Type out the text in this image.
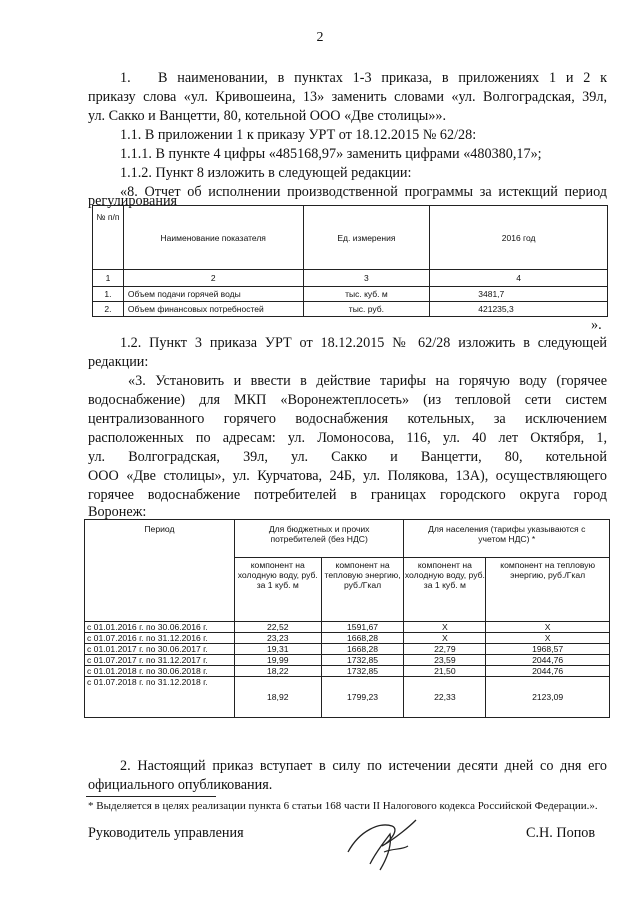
2
1. В наименовании, в пунктах 1-3 приказа, в приложениях 1 и 2 к
приказу слова «ул. Кривошеина, 13» заменить словами «ул. Волгоградская, 39л,
ул. Сакко и Ванцетти, 80, котельной ООО «Две столицы»».
1.1. В приложении 1 к приказу УРТ от 18.12.2015 № 62/28:
1.1.1. В пункте 4 цифры «485168,97» заменить цифрами «480380,17»;
1.1.2. Пункт 8 изложить в следующей редакции:
«8. Отчет об исполнении производственной программы за истекщий период
регулирования
№ п/п	Наименование показателя	Ед. измерения	2016 год
1	2	3	4
1.	Объем подачи горячей воды	тыс. куб. м	3481,7
2.	Объем финансовых потребностей	тыс. руб.	421235,3
».
1.2. Пункт 3 приказа УРТ от 18.12.2015 № 62/28 изложить в следующей
редакции:
«3. Установить и ввести в действие тарифы на горячую воду (горячее
водоснабжение) для МКП «Воронежтеплосеть» (из тепловой сети систем
централизованного горячего водоснабжения котельных, за исключением
расположенных по адресам: ул. Ломоносова, 116, ул. 40 лет Октября, 1,
ул. Волгоградская, 39л, ул. Сакко и Ванцетти, 80, котельной
ООО «Две столицы», ул. Курчатова, 24Б, ул. Полякова, 13А), осуществляющего
горячее водоснабжение потребителей в границах городского округа город
Воронеж:
Период	Для бюджетных и прочих потребителей (без НДС)		Для населения (тарифы указываются с учетом НДС) *	
	компонент на холодную воду, руб. за 1 куб. м	компонент на тепловую энергию, руб./Гкал	компонент на холодную воду, руб. за 1 куб. м	компонент на тепловую энергию, руб./Гкал
с 01.01.2016 г. по 30.06.2016 г.	22,52	1591,67	Х	Х
с 01.07.2016 г. по 31.12.2016 г.	23,23	1668,28	Х	Х
с 01.01.2017 г. по 30.06.2017 г.	19,31	1668,28	22,79	1968,57
с 01.07.2017 г. по 31.12.2017 г.	19,99	1732,85	23,59	2044,76
с 01.01.2018 г. по 30.06.2018 г.	18,22	1732,85	21,50	2044,76
с 01.07.2018 г. по 31.12.2018 г.	18,92	1799,23	22,33	2123,09
* Выделяется в целях реализации пункта 6 статьи 168 части II Налогового кодекса Российской Федерации.».
2. Настоящий приказ вступает в силу по истечении десяти дней со дня его
официального опубликования.
Руководитель управления	С.Н. Попов
